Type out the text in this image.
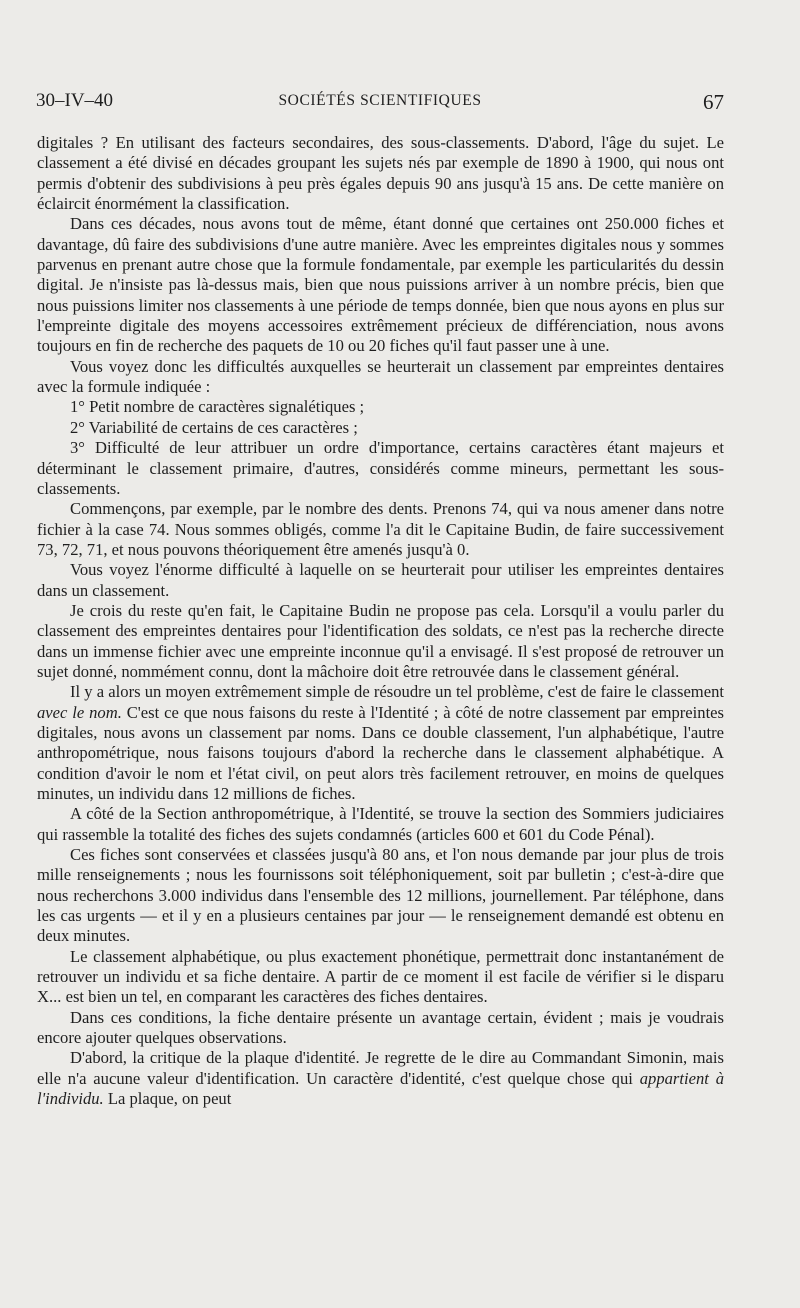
30–IV–40	SOCIÉTÉS SCIENTIFIQUES	67

digitales ? En utilisant des facteurs secondaires, des sous-classements. D'abord, l'âge du sujet. Le classement a été divisé en décades groupant les sujets nés par exemple de 1890 à 1900, qui nous ont permis d'obtenir des subdivisions à peu près égales depuis 90 ans jusqu'à 15 ans. De cette manière on éclaircit énormément la classification.

Dans ces décades, nous avons tout de même, étant donné que certaines ont 250.000 fiches et davantage, dû faire des subdivisions d'une autre manière. Avec les empreintes digitales nous y sommes parvenus en prenant autre chose que la formule fondamentale, par exemple les particularités du dessin digital. Je n'insiste pas là-dessus mais, bien que nous puissions arriver à un nombre précis, bien que nous puissions limiter nos classements à une période de temps donnée, bien que nous ayons en plus sur l'empreinte digitale des moyens accessoires extrêmement précieux de différenciation, nous avons toujours en fin de recherche des paquets de 10 ou 20 fiches qu'il faut passer une à une.

Vous voyez donc les difficultés auxquelles se heurterait un classement par empreintes dentaires avec la formule indiquée :

1° Petit nombre de caractères signalétiques ;

2° Variabilité de certains de ces caractères ;

3° Difficulté de leur attribuer un ordre d'importance, certains caractères étant majeurs et déterminant le classement primaire, d'autres, considérés comme mineurs, permettant les sous-classements.

Commençons, par exemple, par le nombre des dents. Prenons 74, qui va nous amener dans notre fichier à la case 74. Nous sommes obligés, comme l'a dit le Capitaine Budin, de faire successivement 73, 72, 71, et nous pouvons théoriquement être amenés jusqu'à 0.

Vous voyez l'énorme difficulté à laquelle on se heurterait pour utiliser les empreintes dentaires dans un classement.

Je crois du reste qu'en fait, le Capitaine Budin ne propose pas cela. Lorsqu'il a voulu parler du classement des empreintes dentaires pour l'identification des soldats, ce n'est pas la recherche directe dans un immense fichier avec une empreinte inconnue qu'il a envisagé. Il s'est proposé de retrouver un sujet donné, nommément connu, dont la mâchoire doit être retrouvée dans le classement général.

Il y a alors un moyen extrêmement simple de résoudre un tel problème, c'est de faire le classement avec le nom. C'est ce que nous faisons du reste à l'Identité ; à côté de notre classement par empreintes digitales, nous avons un classement par noms. Dans ce double classement, l'un alphabétique, l'autre anthropométrique, nous faisons toujours d'abord la recherche dans le classement alphabétique. A condition d'avoir le nom et l'état civil, on peut alors très facilement retrouver, en moins de quelques minutes, un individu dans 12 millions de fiches.

A côté de la Section anthropométrique, à l'Identité, se trouve la section des Sommiers judiciaires qui rassemble la totalité des fiches des sujets condamnés (articles 600 et 601 du Code Pénal).

Ces fiches sont conservées et classées jusqu'à 80 ans, et l'on nous demande par jour plus de trois mille renseignements ; nous les fournissons soit téléphoniquement, soit par bulletin ; c'est-à-dire que nous recherchons 3.000 individus dans l'ensemble des 12 millions, journellement. Par téléphone, dans les cas urgents — et il y en a plusieurs centaines par jour — le renseignement demandé est obtenu en deux minutes.

Le classement alphabétique, ou plus exactement phonétique, permettrait donc instantanément de retrouver un individu et sa fiche dentaire. A partir de ce moment il est facile de vérifier si le disparu X... est bien un tel, en comparant les caractères des fiches dentaires.

Dans ces conditions, la fiche dentaire présente un avantage certain, évident ; mais je voudrais encore ajouter quelques observations.

D'abord, la critique de la plaque d'identité. Je regrette de le dire au Commandant Simonin, mais elle n'a aucune valeur d'identification. Un caractère d'identité, c'est quelque chose qui appartient à l'individu. La plaque, on peut
